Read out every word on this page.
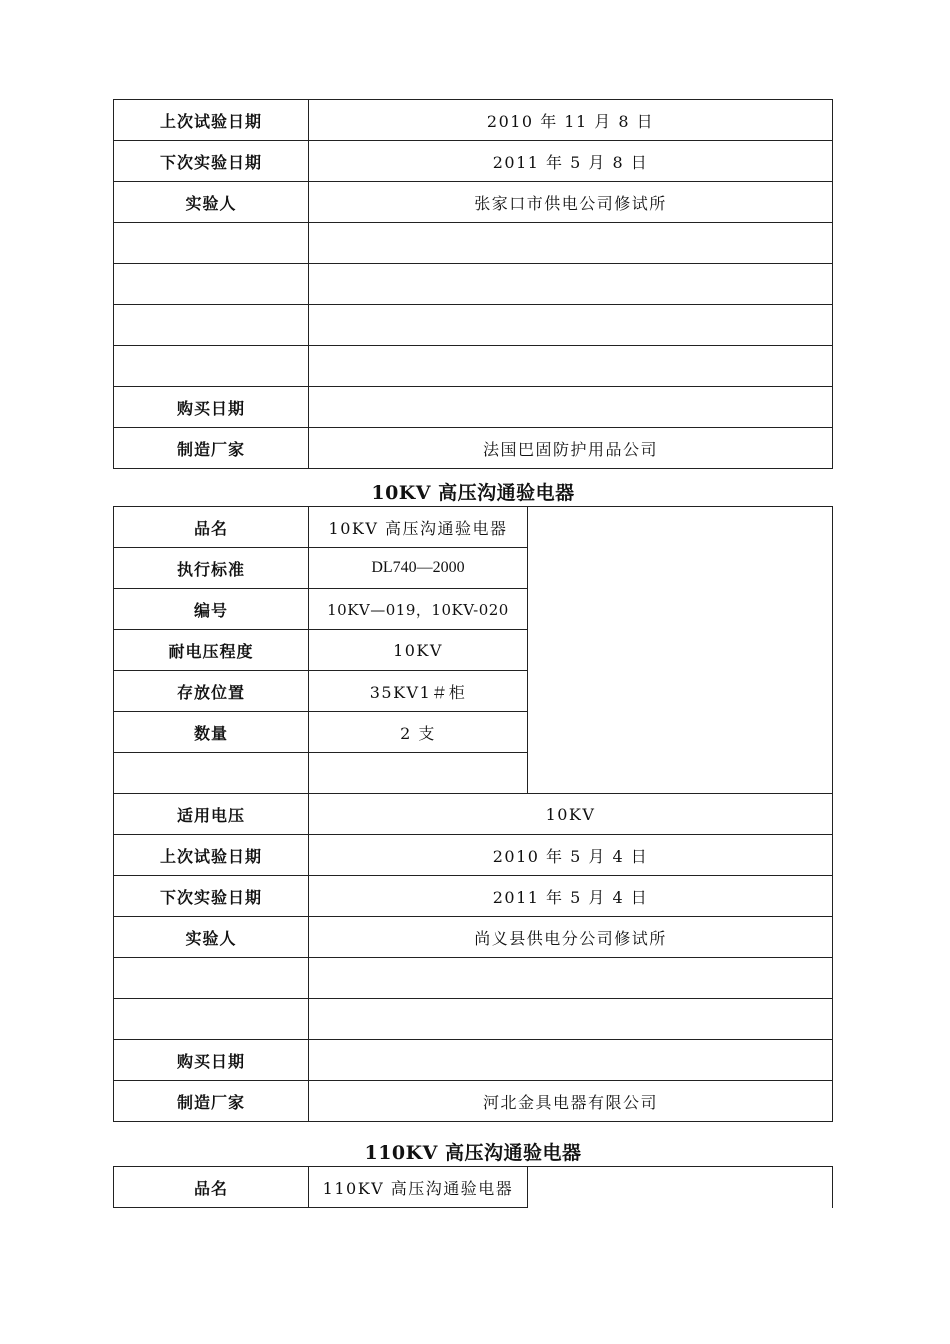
上次试验日期	2010 年 11 月 8 日
下次实验日期	2011 年 5 月 8 日
实验人	张家口市供电公司修试所

购买日期	
制造厂家	法国巴固防护用品公司
10KV 高压沟通验电器
品名	10KV 高压沟通验电器	
执行标准	DL740—2000	
编号	10KV—019，10KV-020	
耐电压程度	10KV	
存放位置	35KV1＃柜	
数量	2 支	

适用电压	10KV	
上次试验日期	2010 年 5 月 4 日	
下次实验日期	2011 年 5 月 4 日	
实验人	尚义县供电分公司修试所	

购买日期		
制造厂家	河北金具电器有限公司	
110KV 高压沟通验电器
品名	110KV 高压沟通验电器	
